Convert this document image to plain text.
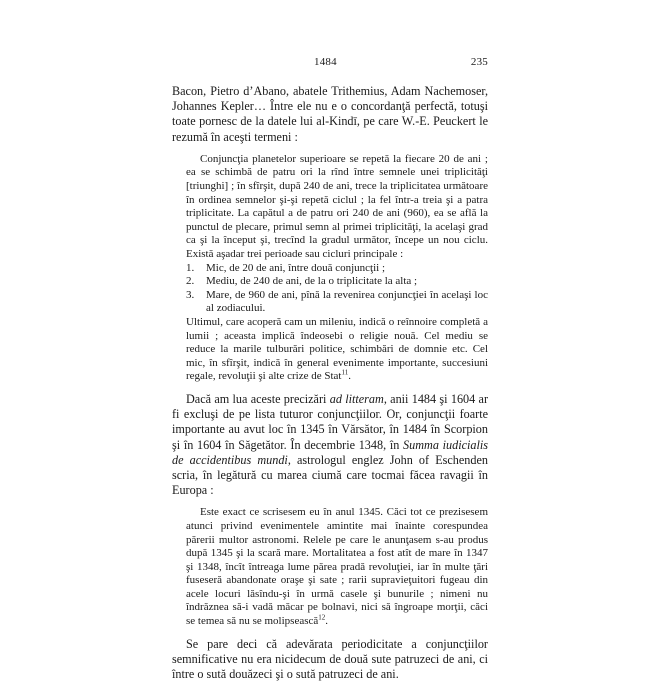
1484	235

Bacon, Pietro d’Abano, abatele Trithemius, Adam Nachemoser, Johannes Kepler… Între ele nu e o concordanţă perfectă, totuşi toate pornesc de la datele lui al-Kindī, pe care W.-E. Peuckert le rezumă în aceşti termeni :

Conjuncţia planetelor superioare se repetă la fiecare 20 de ani ; ea se schimbă de patru ori la rînd între semnele unei triplicităţi [triunghi] ; în sfîrşit, după 240 de ani, trece la triplicitatea următoare în ordinea semnelor şi-şi repetă ciclul ; la fel într-a treia şi a patra triplicitate. La capătul a de patru ori 240 de ani (960), ea se află la punctul de plecare, primul semn al primei triplicităţi, la acelaşi grad ca şi la început şi, trecînd la gradul următor, începe un nou ciclu. Există aşadar trei perioade sau cicluri principale :

1.	Mic, de 20 de ani, între două conjuncţii ;
2.	Mediu, de 240 de ani, de la o triplicitate la alta ;
3.	Mare, de 960 de ani, pînă la revenirea conjuncţiei în acelaşi loc al zodiacului.

Ultimul, care acoperă cam un mileniu, indică o reînnoire completă a lumii ; aceasta implică îndeosebi o religie nouă. Cel mediu se reduce la marile tulburări politice, schimbări de domnie etc. Cel mic, în sfîrşit, indică în general evenimente importante, succesiuni regale, revoluţii şi alte crize de Stat$^{11}$.

Dacă am lua aceste precizări ad litteram, anii 1484 şi 1604 ar fi excluşi de pe lista tuturor conjuncţiilor. Or, conjuncţii foarte importante au avut loc în 1345 în Vărsător, în 1484 în Scorpion şi în 1604 în Săgetător. În decembrie 1348, în Summa iudicialis de accidentibus mundi, astrologul englez John of Eschenden scria, în legătură cu marea ciumă care tocmai făcea ravagii în Europa :

Este exact ce scrisesem eu în anul 1345. Căci tot ce prezisesem atunci privind evenimentele amintite mai înainte corespundea părerii multor astronomi. Relele pe care le anunţasem s-au produs după 1345 şi la scară mare. Mortalitatea a fost atît de mare în 1347 şi 1348, încît întreaga lume părea pradă revoluţiei, iar în multe ţări fuseseră abandonate oraşe şi sate ; rarii supravieţuitori fugeau din acele locuri lăsîndu-şi în urmă casele şi bunurile ; nimeni nu îndrăznea să-i vadă măcar pe bolnavi, nici să îngroape morţii, căci se temea să nu se molipsească$^{12}$.

Se pare deci că adevărata periodicitate a conjuncţiilor semnificative nu era nicidecum de două sute patruzeci de ani, ci între o sută douăzeci şi o sută patruzeci de ani.
